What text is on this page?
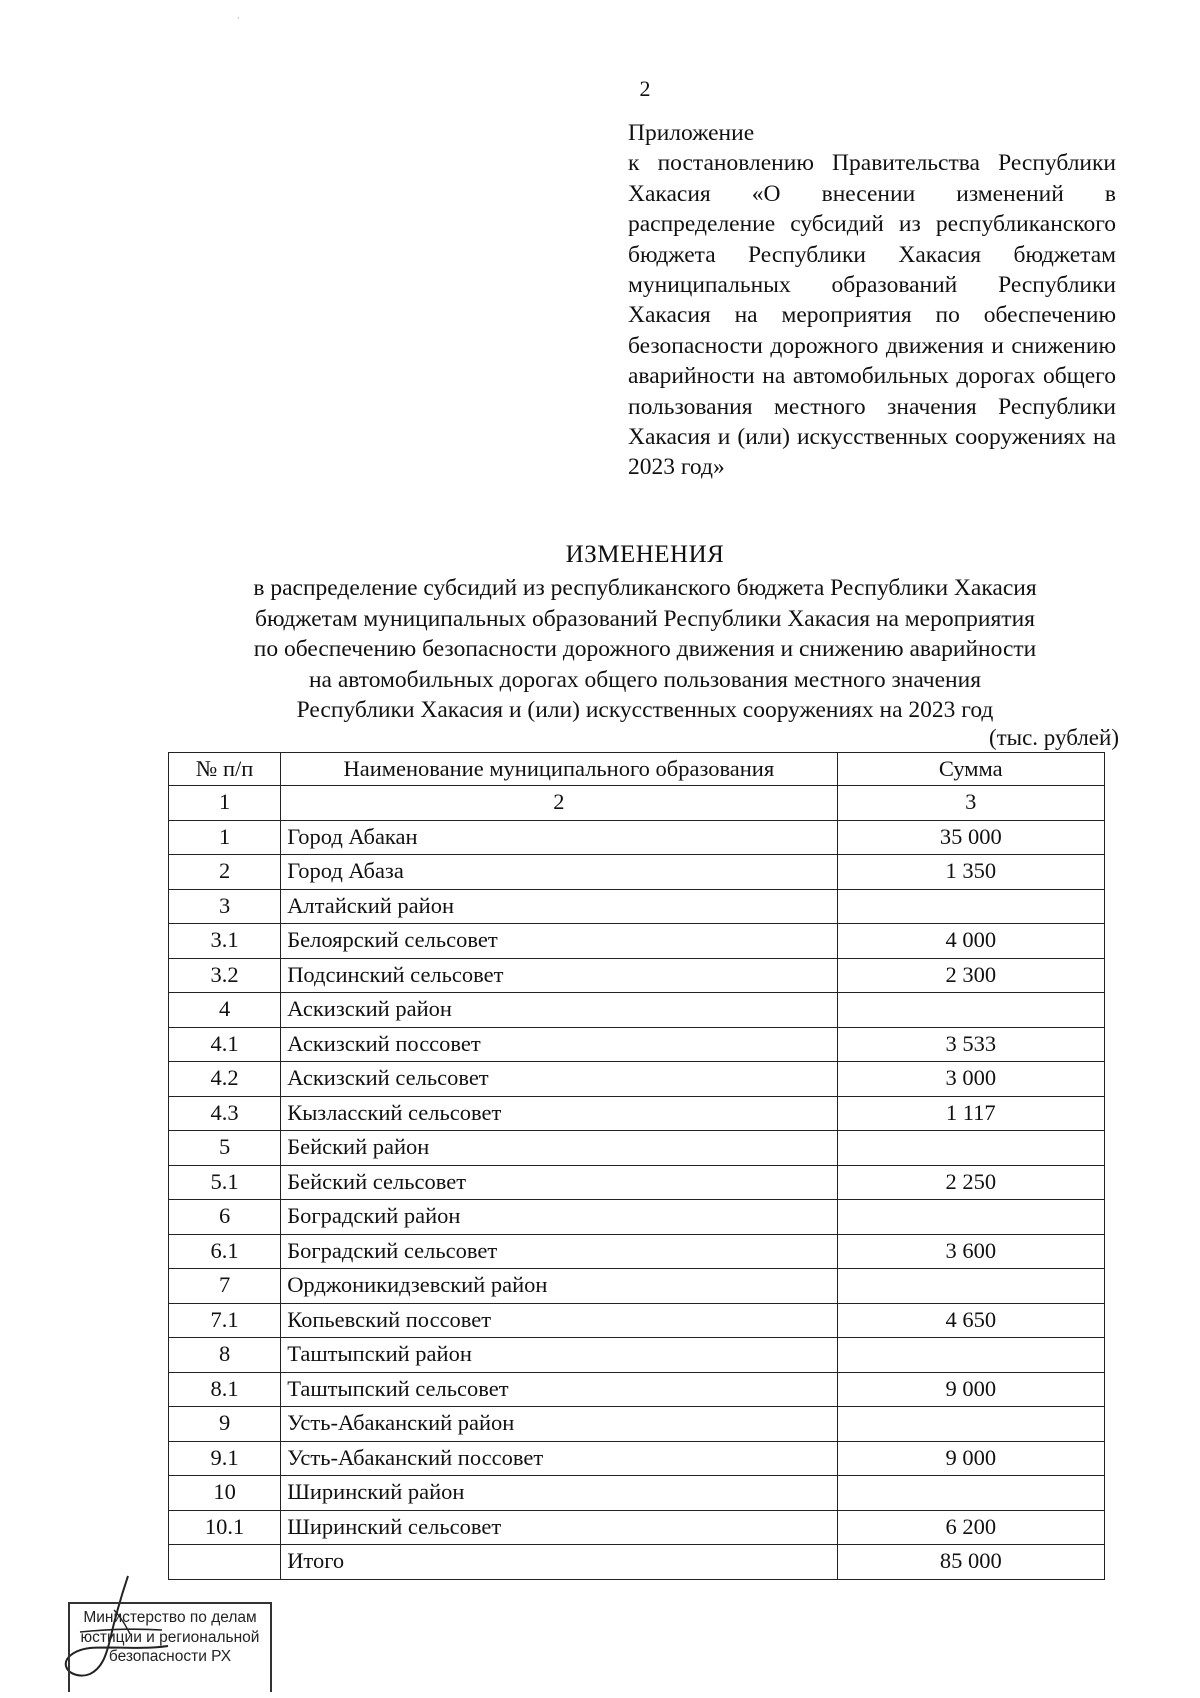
·
2
Приложение
к постановлению Правительства Республики Хакасия «О внесении изменений в распределение субсидий из республиканского бюджета Республики Хакасия бюджетам муниципальных образований Республики Хакасия на мероприятия по обеспечению безопасности дорожного движения и снижению аварийности на автомобильных дорогах общего пользования местного значения Республики Хакасия и (или) искусственных сооружениях на 2023 год»
ИЗМЕНЕНИЯ
в распределение субсидий из республиканского бюджета Республики Хакасия
бюджетам муниципальных образований Республики Хакасия на мероприятия
по обеспечению безопасности дорожного движения и снижению аварийности
на автомобильных дорогах общего пользования местного значения
Республики Хакасия и (или) искусственных сооружениях на 2023 год
(тыс. рублей)
№ п/п	Наименование муниципального образования	Сумма
1	2	3
1	Город Абакан	35 000
2	Город Абаза	1 350
3	Алтайский район	
3.1	Белоярский сельсовет	4 000
3.2	Подсинский сельсовет	2 300
4	Аскизский район	
4.1	Аскизский поссовет	3 533
4.2	Аскизский сельсовет	3 000
4.3	Кызласский сельсовет	1 117
5	Бейский район	
5.1	Бейский сельсовет	2 250
6	Боградский район	
6.1	Боградский сельсовет	3 600
7	Орджоникидзевский район	
7.1	Копьевский поссовет	4 650
8	Таштыпский район	
8.1	Таштыпский сельсовет	9 000
9	Усть-Абаканский район	
9.1	Усть-Абаканский поссовет	9 000
10	Ширинский район	
10.1	Ширинский сельсовет	6 200
	Итого	85 000
Министерство по делам
юстиции и региональной
безопасности РХ
